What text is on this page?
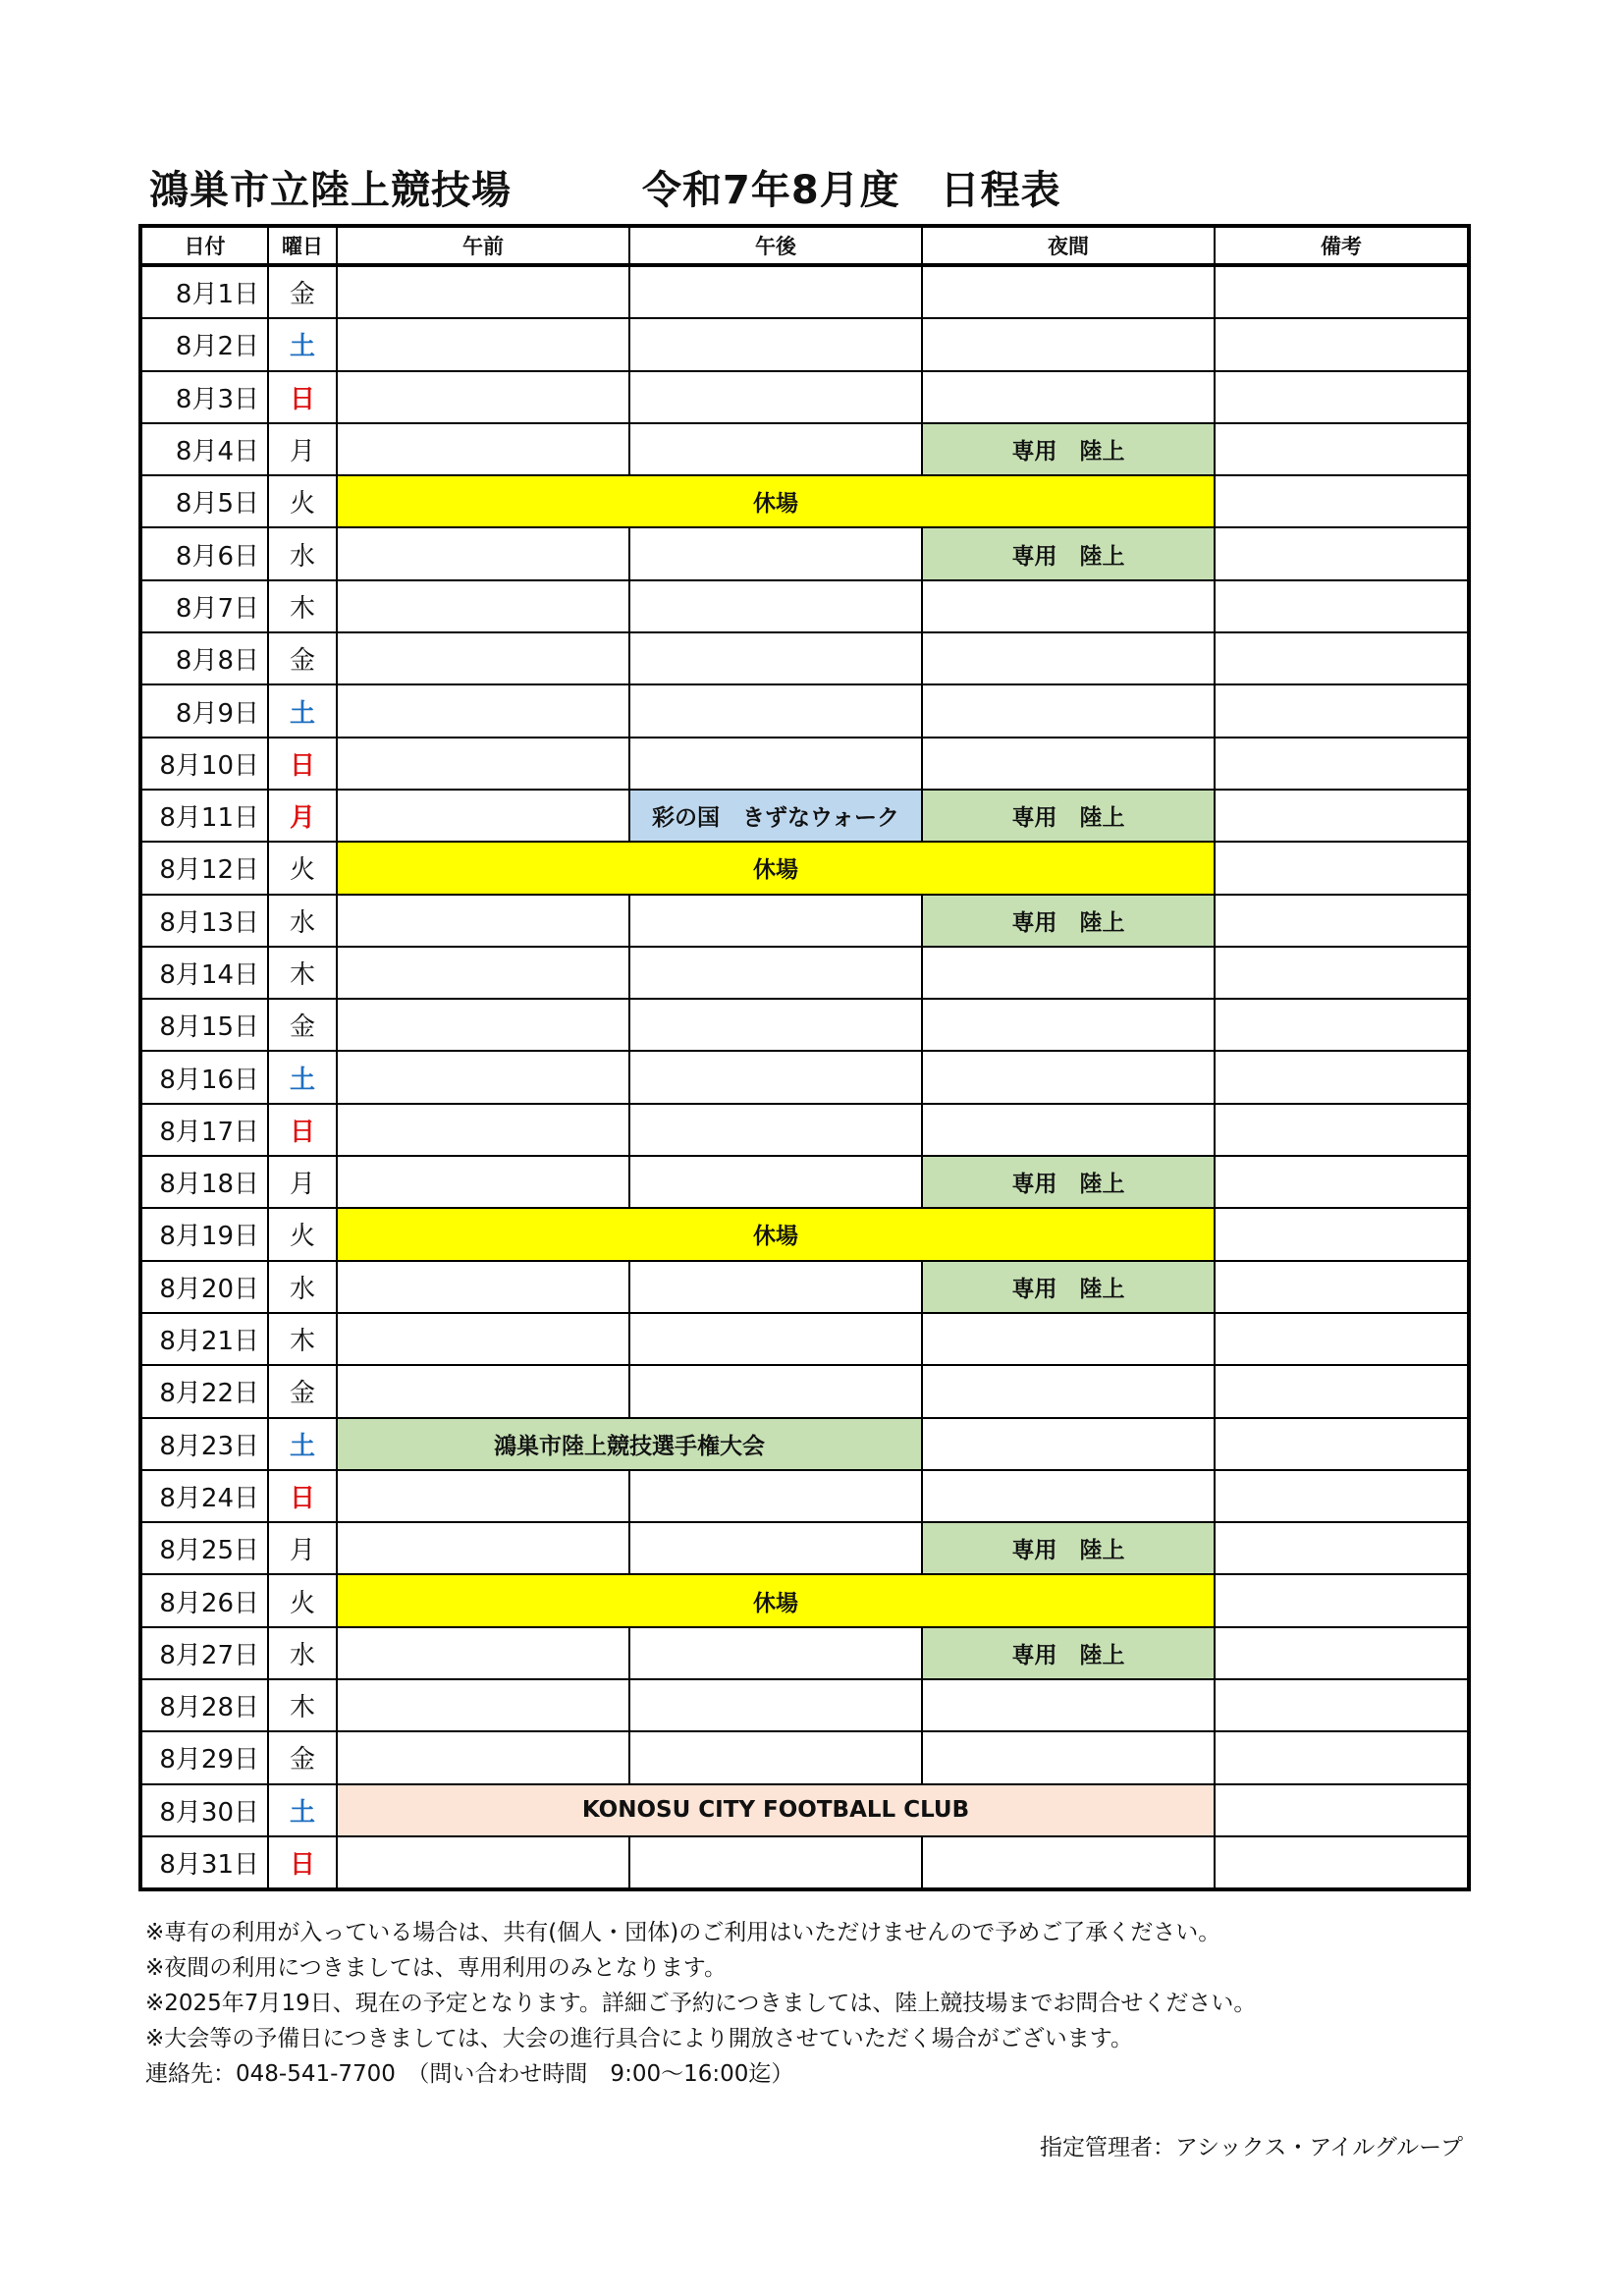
鴻巣市立陸上競技場	令和7年8月度　日程表
日付	曜日	午前	午後	夜間	備考
8月1日	金				
8月2日	土				
8月3日	日				
8月4日	月			専用　陸上	
8月5日	火	休場			
8月6日	水			専用　陸上	
8月7日	木				
8月8日	金				
8月9日	土				
8月10日	日				
8月11日	月		彩の国　きずなウォーク	専用　陸上	
8月12日	火	休場			
8月13日	水			専用　陸上	
8月14日	木				
8月15日	金				
8月16日	土				
8月17日	日				
8月18日	月			専用　陸上	
8月19日	火	休場			
8月20日	水			専用　陸上	
8月21日	木				
8月22日	金				
8月23日	土	鴻巣市陸上競技選手権大会			
8月24日	日				
8月25日	月			専用　陸上	
8月26日	火	休場			
8月27日	水			専用　陸上	
8月28日	木				
8月29日	金				
8月30日	土	KONOSU CITY FOOTBALL CLUB			
8月31日	日				
※専有の利用が入っている場合は、共有(個人・団体)のご利用はいただけませんので予めご了承ください。
※夜間の利用につきましては、専用利用のみとなります。
※2025年7月19日、現在の予定となります。詳細ご予約につきましては、陸上競技場までお問合せください。
※大会等の予備日につきましては、大会の進行具合により開放させていただく場合がございます。
連絡先：048-541-7700　（問い合わせ時間　9:00～16:00迄）
指定管理者：アシックス・アイルグループ
